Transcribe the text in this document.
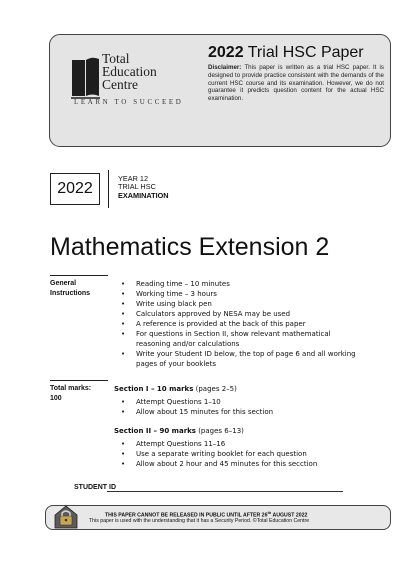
Total
Education
Centre
LEARN TO SUCCEED
2022 Trial HSC Paper
Disclaimer: This paper is written as a trial HSC paper. It is designed to provide practice consistent with the demands of the current HSC course and its examination. However, we do not guarantee it predicts question content for the actual HSC examination.
2022
YEAR 12
TRIAL HSC
EXAMINATION
Mathematics Extension 2
General
Instructions
• Reading time – 10 minutes
• Working time – 3 hours
• Write using black pen
• Calculators approved by NESA may be used
• A reference is provided at the back of this paper
• For questions in Section II, show relevant mathematical
reasoning and/or calculations
• Write your Student ID below, the top of page 6 and all working
pages of your booklets
Total marks:
100
Section I – 10 marks (pages 2–5)
• Attempt Questions 1–10
• Allow about 15 minutes for this section
Section II – 90 marks (pages 6–13)
• Attempt Questions 11–16
• Use a separate writing booklet for each question
• Allow about 2 hour and 45 minutes for this secction
STUDENT ID
THIS PAPER CANNOT BE RELEASED IN PUBLIC UNTIL AFTER 26th AUGUST 2022
This paper is used with the understanding that it has a Security Period. ©Total Education Centre
